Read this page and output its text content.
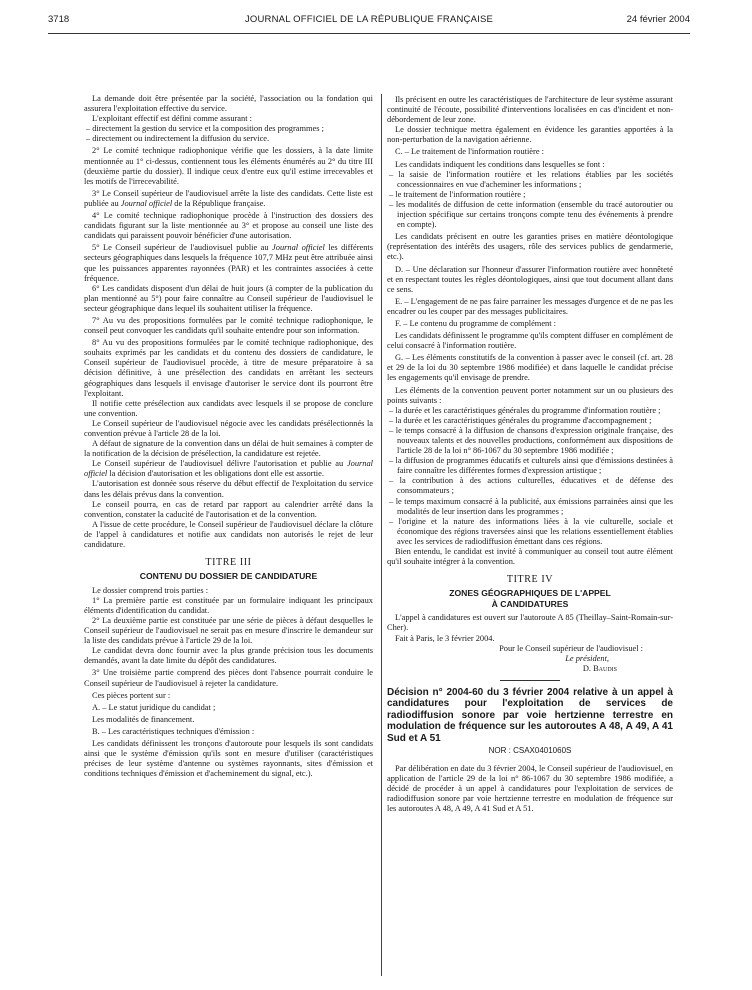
3718	JOURNAL OFFICIEL DE LA RÉPUBLIQUE FRANÇAISE	24 février 2004

La demande doit être présentée par la société, l'association ou la fondation qui assurera l'exploitation effective du service.

L'exploitant effectif est défini comme assurant :

– directement la gestion du service et la composition des programmes ;

– directement ou indirectement la diffusion du service.

2° Le comité technique radiophonique vérifie que les dossiers, à la date limite mentionnée au 1° ci-dessus, contiennent tous les éléments énumérés au 2° du titre III (deuxième partie du dossier). Il indique ceux d'entre eux qu'il estime irrecevables et les motifs de l'irrecevabilité.

3° Le Conseil supérieur de l'audiovisuel arrête la liste des candidats. Cette liste est publiée au Journal officiel de la République française.

4° Le comité technique radiophonique procède à l'instruction des dossiers des candidats figurant sur la liste mentionnée au 3° et propose au conseil une liste des candidats qui paraissent pouvoir bénéficier d'une autorisation.

5° Le Conseil supérieur de l'audiovisuel publie au Journal officiel les différents secteurs géographiques dans lesquels la fréquence 107,7 MHz peut être attribuée ainsi que les puissances apparentes rayonnées (PAR) et les contraintes associées à cette fréquence.

6° Les candidats disposent d'un délai de huit jours (à compter de la publication du plan mentionné au 5°) pour faire connaître au Conseil supérieur de l'audiovisuel le secteur géographique dans lequel ils souhaitent utiliser la fréquence.

7° Au vu des propositions formulées par le comité technique radiophonique, le conseil peut convoquer les candidats qu'il souhaite entendre pour son information.

8° Au vu des propositions formulées par le comité technique radiophonique, des souhaits exprimés par les candidats et du contenu des dossiers de candidature, le Conseil supérieur de l'audiovisuel procède, à titre de mesure préparatoire à sa décision définitive, à une présélection des candidats en arrêtant les secteurs géographiques dans lesquels il envisage d'autoriser le service dont ils pourront être l'exploitant.

Il notifie cette présélection aux candidats avec lesquels il se propose de conclure une convention.

Le Conseil supérieur de l'audiovisuel négocie avec les candidats présélectionnés la convention prévue à l'article 28 de la loi.

A défaut de signature de la convention dans un délai de huit semaines à compter de la notification de la décision de présélection, la candidature est rejetée.

Le Conseil supérieur de l'audiovisuel délivre l'autorisation et publie au Journal officiel la décision d'autorisation et les obligations dont elle est assortie.

L'autorisation est donnée sous réserve du début effectif de l'exploitation du service dans les délais prévus dans la convention.

Le conseil pourra, en cas de retard par rapport au calendrier arrêté dans la convention, constater la caducité de l'autorisation et de la convention.

A l'issue de cette procédure, le Conseil supérieur de l'audiovisuel déclare la clôture de l'appel à candidatures et notifie aux candidats non autorisés le rejet de leur candidature.

TITRE III
CONTENU DU DOSSIER DE CANDIDATURE

Le dossier comprend trois parties :

1° La première partie est constituée par un formulaire indiquant les principaux éléments d'identification du candidat.

2° La deuxième partie est constituée par une série de pièces à défaut desquelles le Conseil supérieur de l'audiovisuel ne serait pas en mesure d'inscrire le demandeur sur la liste des candidats prévue à l'article 29 de la loi.

Le candidat devra donc fournir avec la plus grande précision tous les documents demandés, avant la date limite du dépôt des candidatures.

3° Une troisième partie comprend des pièces dont l'absence pourrait conduire le Conseil supérieur de l'audiovisuel à rejeter la candidature.

Ces pièces portent sur :

A. – Le statut juridique du candidat ;

Les modalités de financement.

B. – Les caractéristiques techniques d'émission :

Les candidats définissent les tronçons d'autoroute pour lesquels ils sont candidats ainsi que le système d'émission qu'ils sont en mesure d'utiliser (caractéristiques précises de leur système d'antenne ou systèmes rayonnants, sites d'émission et conditions techniques d'émission et d'acheminement du signal, etc.).

Ils précisent en outre les caractéristiques de l'architecture de leur système assurant continuité de l'écoute, possibilité d'interventions localisées en cas d'incident et non-débordement de leur zone.

Le dossier technique mettra également en évidence les garanties apportées à la non-perturbation de la navigation aérienne.

C. – Le traitement de l'information routière :

Les candidats indiquent les conditions dans lesquelles se font :

– la saisie de l'information routière et les relations établies par les sociétés concessionnaires en vue d'acheminer les informations ;

– le traitement de l'information routière ;

– les modalités de diffusion de cette information (ensemble du tracé autoroutier ou injection spécifique sur certains tronçons compte tenu des événements à prendre en compte).

Les candidats précisent en outre les garanties prises en matière déontologique (représentation des intérêts des usagers, rôle des services publics de gendarmerie, etc.).

D. – Une déclaration sur l'honneur d'assurer l'information routière avec honnêteté et en respectant toutes les règles déontologiques, ainsi que tout document allant dans ce sens.

E. – L'engagement de ne pas faire parrainer les messages d'urgence et de ne pas les encadrer ou les couper par des messages publicitaires.

F. – Le contenu du programme de complément :

Les candidats définissent le programme qu'ils comptent diffuser en complément de celui consacré à l'information routière.

G. – Les éléments constitutifs de la convention à passer avec le conseil (cf. art. 28 et 29 de la loi du 30 septembre 1986 modifiée) et dans laquelle le candidat précise les engagements qu'il envisage de prendre.

Les éléments de la convention peuvent porter notamment sur un ou plusieurs des points suivants :

– la durée et les caractéristiques générales du programme d'information routière ;

– la durée et les caractéristiques générales du programme d'accompagnement ;

– le temps consacré à la diffusion de chansons d'expression originale française, des nouveaux talents et des nouvelles productions, conformément aux dispositions de l'article 28 de la loi n° 86-1067 du 30 septembre 1986 modifiée ;

– la diffusion de programmes éducatifs et culturels ainsi que d'émissions destinées à faire connaître les différentes formes d'expression artistique ;

– la contribution à des actions culturelles, éducatives et de défense des consommateurs ;

– le temps maximum consacré à la publicité, aux émissions parrainées ainsi que les modalités de leur insertion dans les programmes ;

– l'origine et la nature des informations liées à la vie culturelle, sociale et économique des régions traversées ainsi que les relations essentiellement établies avec les services de radiodiffusion émettant dans ces régions.

Bien entendu, le candidat est invité à communiquer au conseil tout autre élément qu'il souhaite intégrer à la convention.

TITRE IV
ZONES GÉOGRAPHIQUES DE L'APPEL
À CANDIDATURES

L'appel à candidatures est ouvert sur l'autoroute A 85 (Theillay–Saint-Romain-sur-Cher).

Fait à Paris, le 3 février 2004.

Pour le Conseil supérieur de l'audiovisuel :

Le président,

D. Baudis

Décision n° 2004-60 du 3 février 2004 relative à un appel à candidatures pour l'exploitation de services de radiodiffusion sonore par voie hertzienne terrestre en modulation de fréquence sur les autoroutes A 48, A 49, A 41 Sud et A 51

NOR : CSAX0401060S

Par délibération en date du 3 février 2004, le Conseil supérieur de l'audiovisuel, en application de l'article 29 de la loi n° 86-1067 du 30 septembre 1986 modifiée, a décidé de procéder à un appel à candidatures pour l'exploitation de services de radiodiffusion sonore par voie hertzienne terrestre en modulation de fréquence sur les autoroutes A 48, A 49, A 41 Sud et A 51.
